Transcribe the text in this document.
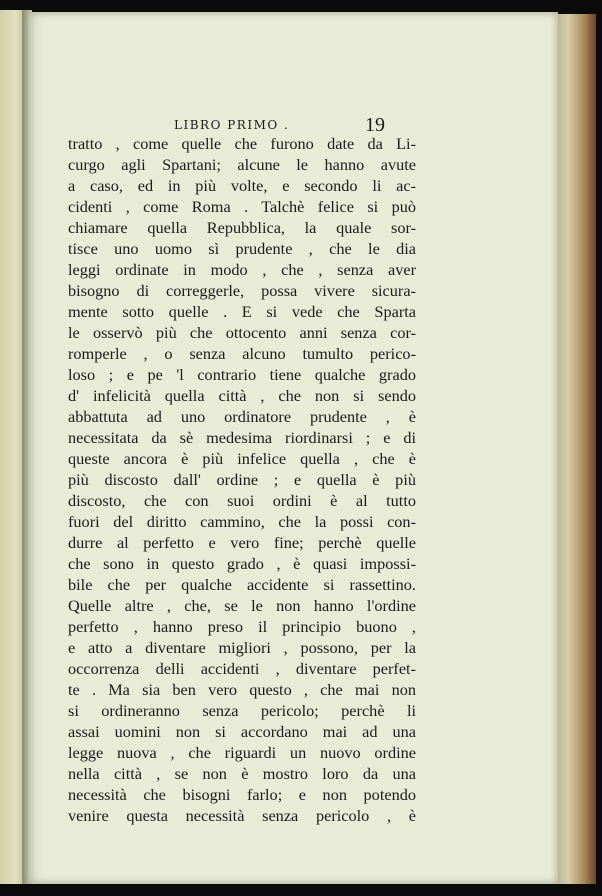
LIBRO PRIMO .	19
tratto , come quelle che furono date da Li-
curgo agli Spartani; alcune le hanno avute
a caso, ed in più volte, e secondo li ac-
cidenti , come Roma . Talchè felice si può
chiamare quella Repubblica, la quale sor-
tisce uno uomo sì prudente , che le dia
leggi ordinate in modo , che , senza aver
bisogno di correggerle, possa vivere sicura-
mente sotto quelle . E si vede che Sparta
le osservò più che ottocento anni senza cor-
romperle , o senza alcuno tumulto perico-
loso ; e pe 'l contrario tiene qualche grado
d' infelicità quella città , che non si sendo
abbattuta ad uno ordinatore prudente , è
necessitata da sè medesima riordinarsi ; e di
queste ancora è più infelice quella , che è
più discosto dall' ordine ; e quella è più
discosto, che con suoi ordini è al tutto
fuori del diritto cammino, che la possi con-
durre al perfetto e vero fine; perchè quelle
che sono in questo grado , è quasi impossi-
bile che per qualche accidente si rassettino.
Quelle altre , che, se le non hanno l'ordine
perfetto , hanno preso il principio buono ,
e atto a diventare migliori , possono, per la
occorrenza delli accidenti , diventare perfet-
te . Ma sia ben vero questo , che mai non
si ordineranno senza pericolo; perchè li
assai uomini non si accordano mai ad una
legge nuova , che riguardi un nuovo ordine
nella città , se non è mostro loro da una
necessità che bisogni farlo; e non potendo
venire questa necessità senza pericolo , è
